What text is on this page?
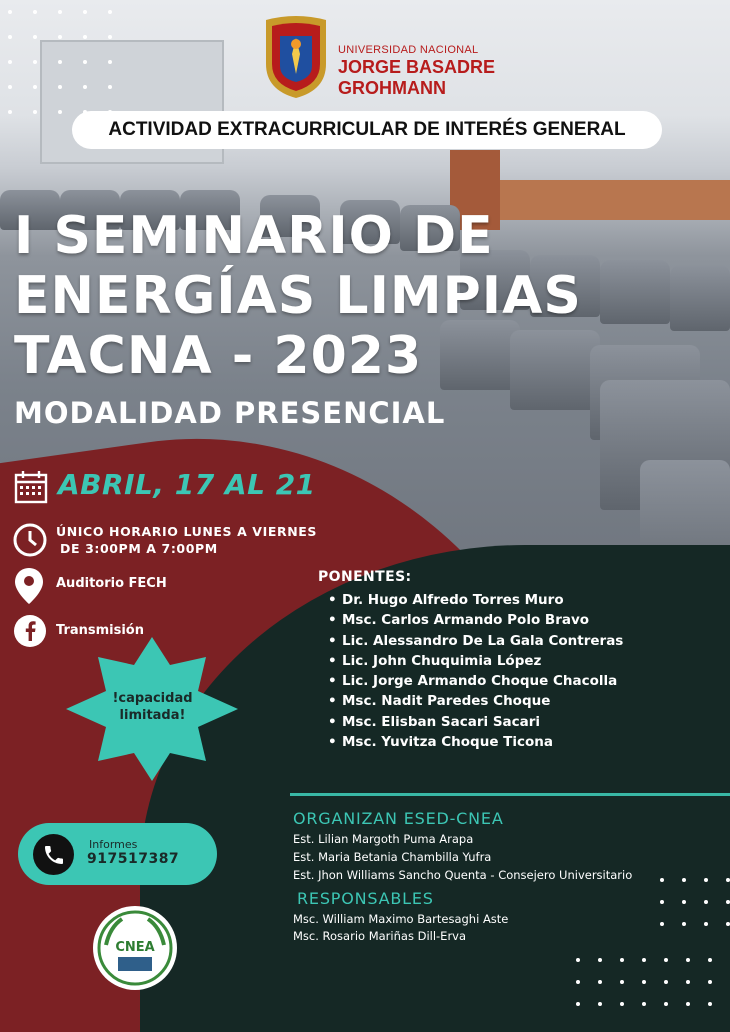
UNIVERSIDAD NACIONAL
JORGE BASADRE
GROHMANN
ACTIVIDAD EXTRACURRICULAR DE INTERÉS GENERAL
I SEMINARIO DE
ENERGÍAS LIMPIAS
TACNA - 2023
MODALIDAD PRESENCIAL
ABRIL, 17 AL 21
ÚNICO HORARIO LUNES A VIERNES
DE 3:00PM A 7:00PM
Auditorio FECH
Transmisión
!capacidad
limitada!
PONENTES:
• Dr. Hugo Alfredo Torres Muro
• Msc. Carlos Armando Polo Bravo
• Lic. Alessandro De La Gala Contreras
• Lic. John Chuquimia López
• Lic. Jorge Armando Choque Chacolla
• Msc. Nadit Paredes Choque
• Msc. Elisban Sacari Sacari
• Msc. Yuvitza Choque Ticona
Informes
917517387
CNEA
ORGANIZAN ESED-CNEA
Est. Lilian Margoth Puma Arapa
Est. Maria Betania Chambilla Yufra
Est. Jhon Williams Sancho Quenta - Consejero Universitario
RESPONSABLES
Msc. William Maximo Bartesaghi Aste
Msc. Rosario Mariñas Dill-Erva
